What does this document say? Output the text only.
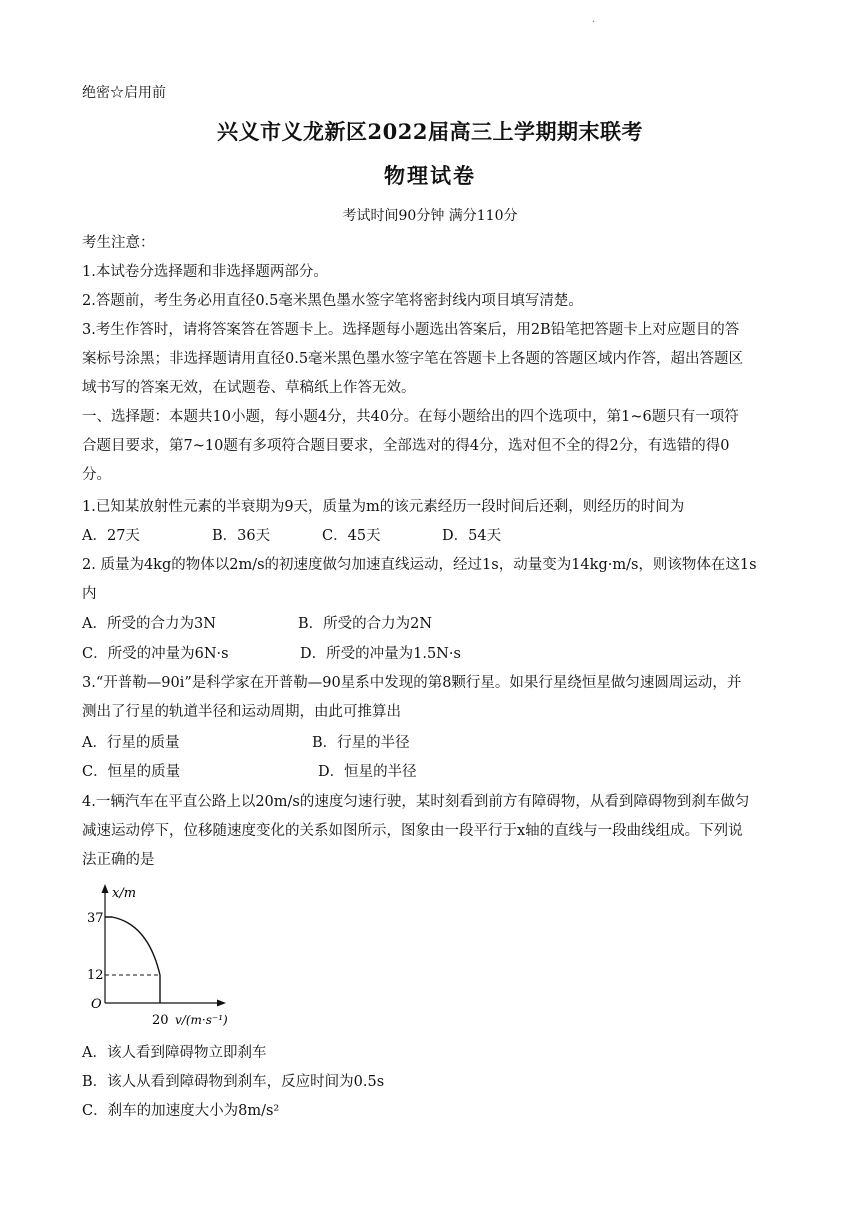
.
绝密☆启用前
兴义市义龙新区2022届高三上学期期末联考
物理试卷
考试时间90分钟 满分110分
考生注意：
1.本试卷分选择题和非选择题两部分。
2.答题前，考生务必用直径0.5毫米黑色墨水签字笔将密封线内项目填写清楚。
3.考生作答时，请将答案答在答题卡上。选择题每小题选出答案后，用2B铅笔把答题卡上对应题目的答
案标号涂黑；非选择题请用直径0.5毫米黑色墨水签字笔在答题卡上各题的答题区域内作答，超出答题区
域书写的答案无效，在试题卷、草稿纸上作答无效。
一、选择题：本题共10小题，每小题4分，共40分。在每小题给出的四个选项中，第1~6题只有一项符
合题目要求，第7~10题有多项符合题目要求，全部选对的得4分，选对但不全的得2分，有选错的得0
分。
1.已知某放射性元素的半衰期为9天，质量为m的该元素经历一段时间后还剩，则经历的时间为
A．27天	B．36天	C．45天	D．54天
2. 质量为4kg的物体以2m/s的初速度做匀加速直线运动，经过1s，动量变为14kg·m/s，则该物体在这1s
内
A．所受的合力为3N	B．所受的合力为2N
C．所受的冲量为6N·s	D．所受的冲量为1.5N·s
3.“开普勒—90i”是科学家在开普勒—90星系中发现的第8颗行星。如果行星绕恒星做匀速圆周运动，并
测出了行星的轨道半径和运动周期，由此可推算出
A．行星的质量	B．行星的半径
C．恒星的质量	D．恒星的半径
4.一辆汽车在平直公路上以20m/s的速度匀速行驶，某时刻看到前方有障碍物，从看到障碍物到刹车做匀
减速运动停下，位移随速度变化的关系如图所示，图象由一段平行于x轴的直线与一段曲线组成。下列说
法正确的是
x/m
37
12
O
20 v/(m·s⁻¹)
A．该人看到障碍物立即刹车
B．该人从看到障碍物到刹车，反应时间为0.5s
C．刹车的加速度大小为8m/s²
